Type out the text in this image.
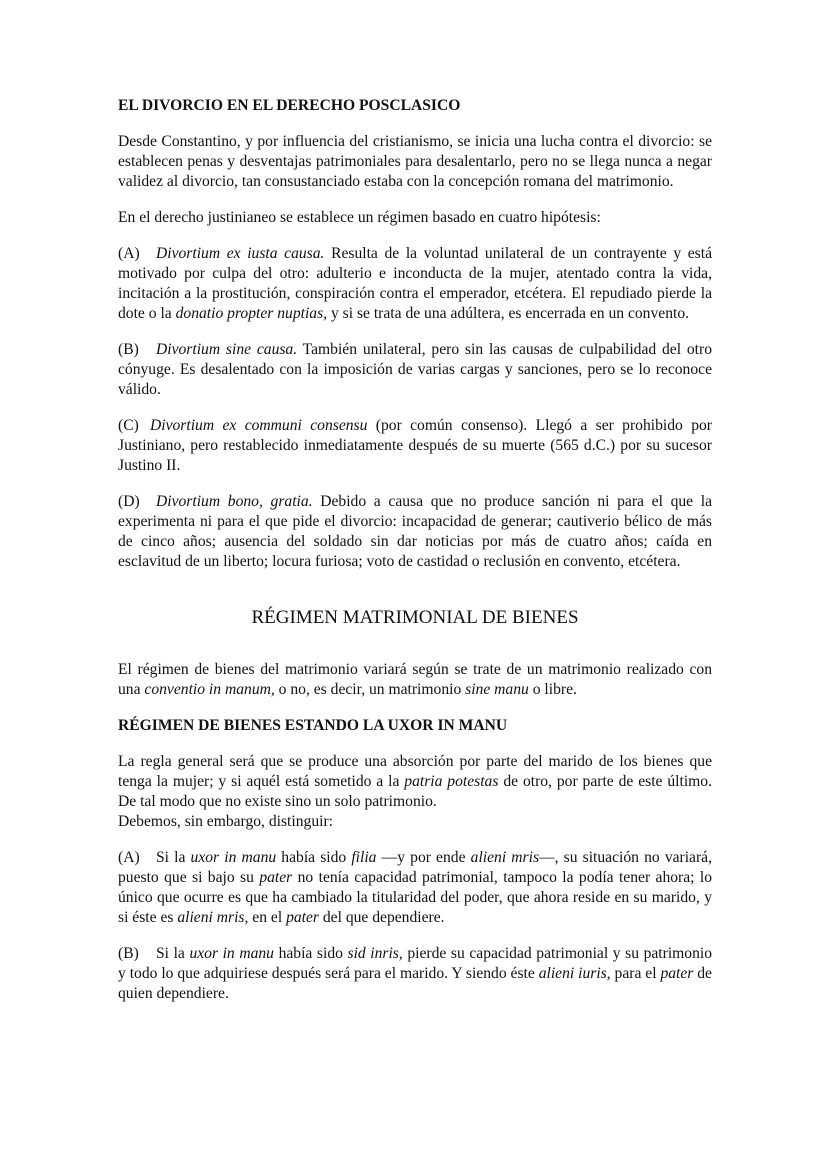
EL DIVORCIO EN EL DERECHO POSCLASICO

Desde Constantino, y por influencia del cristianismo, se inicia una lucha contra el divorcio: se establecen penas y desventajas patrimoniales para desalentarlo, pero no se llega nunca a negar validez al divorcio, tan consustanciado estaba con la concepción romana del matrimonio.

En el derecho justinianeo se establece un régimen basado en cuatro hipótesis:

(A) Divortium ex iusta causa. Resulta de la voluntad unilateral de un contrayente y está motivado por culpa del otro: adulterio e inconducta de la mujer, atentado contra la vida, incitación a la prostitución, conspiración contra el emperador, etcétera. El repudiado pierde la dote o la donatio propter nuptias, y si se trata de una adúltera, es encerrada en un convento.

(B) Divortium sine causa. También unilateral, pero sin las causas de culpabilidad del otro cónyuge. Es desalentado con la imposición de varias cargas y sanciones, pero se lo reconoce válido.

(C) Divortium ex communi consensu (por común consenso). Llegó a ser prohibido por Justiniano, pero restablecido inmediatamente después de su muerte (565 d.C.) por su sucesor Justino II.

(D) Divortium bono, gratia. Debido a causa que no produce sanción ni para el que la experimenta ni para el que pide el divorcio: incapacidad de generar; cautiverio bélico de más de cinco años; ausencia del soldado sin dar noticias por más de cuatro años; caída en esclavitud de un liberto; locura furiosa; voto de castidad o reclusión en convento, etcétera.

RÉGIMEN MATRIMONIAL DE BIENES

El régimen de bienes del matrimonio variará según se trate de un matrimonio realizado con una conventio in manum, o no, es decir, un matrimonio sine manu o libre.

RÉGIMEN DE BIENES ESTANDO LA UXOR IN MANU

La regla general será que se produce una absorción por parte del marido de los bienes que tenga la mujer; y si aquél está sometido a la patria potestas de otro, por parte de este último. De tal modo que no existe sino un solo patrimonio.

Debemos, sin embargo, distinguir:

(A) Si la uxor in manu había sido filia —y por ende alieni mris—, su situación no variará, puesto que si bajo su pater no tenía capacidad patrimonial, tampoco la podía tener ahora; lo único que ocurre es que ha cambiado la titularidad del poder, que ahora reside en su marido, y si éste es alieni mris, en el pater del que dependiere.

(B) Si la uxor in manu había sido sid inris, pierde su capacidad patrimonial y su patrimonio y todo lo que adquiriese después será para el marido. Y siendo éste alieni iuris, para el pater de quien dependiere.
